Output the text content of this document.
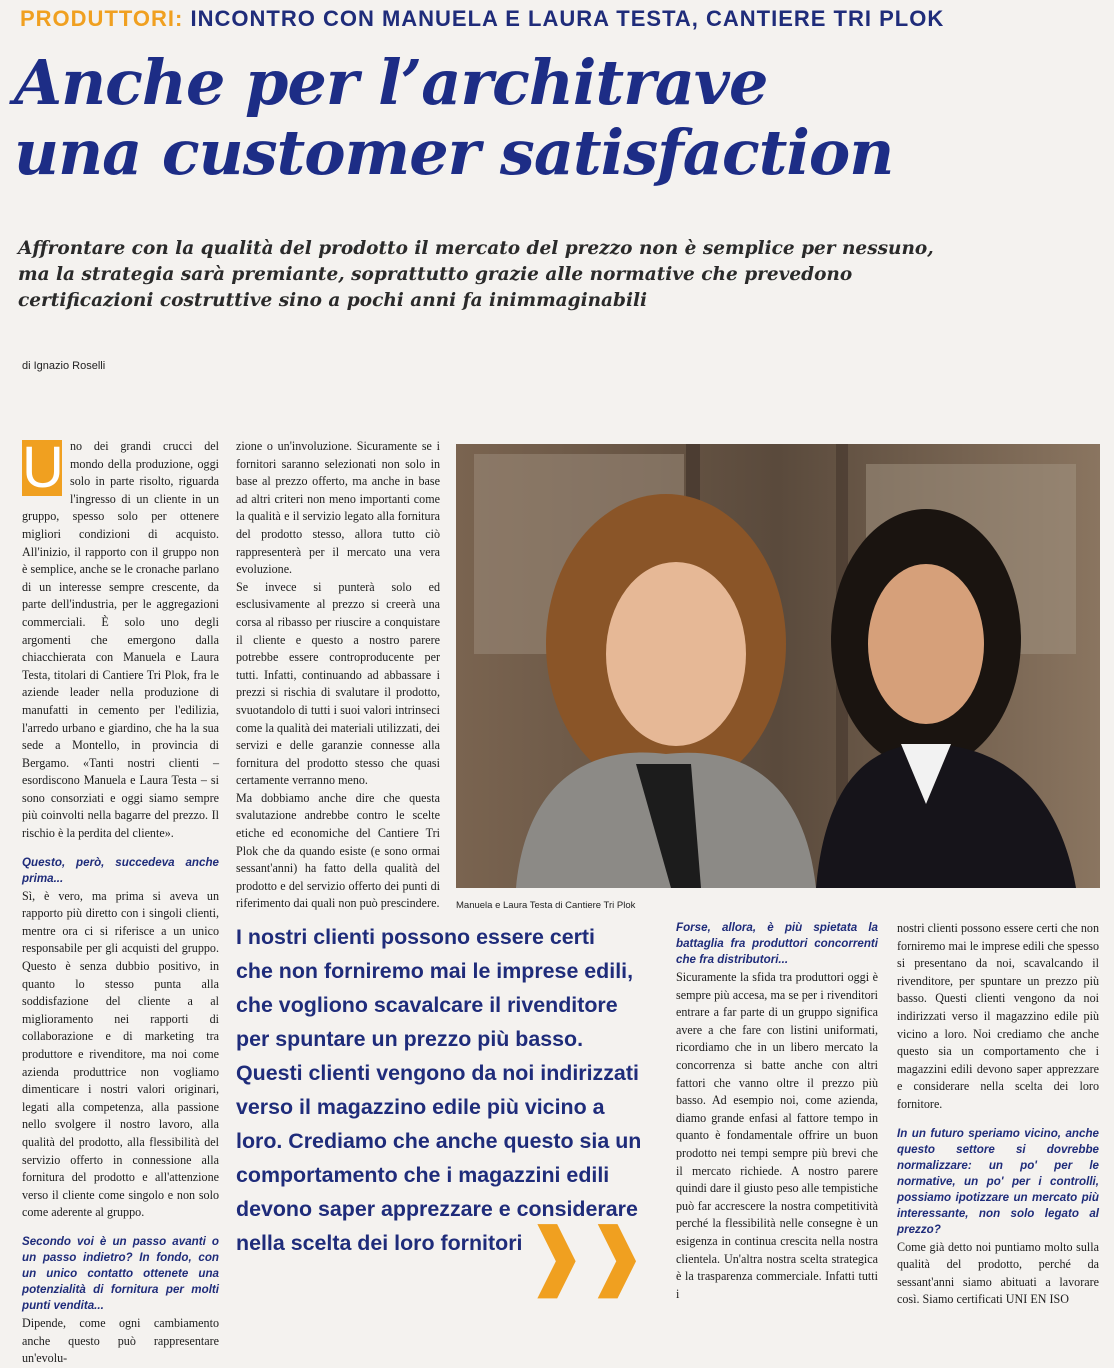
PRODUTTORI: INCONTRO CON MANUELA E LAURA TESTA, CANTIERE TRI PLOK
Anche per l’architrave
una customer satisfaction
Affrontare con la qualità del prodotto il mercato del prezzo non è semplice per nessuno,
ma la strategia sarà premiante, soprattutto grazie alle normative che prevedono
certificazioni costruttive sino a pochi anni fa inimmaginabili
di Ignazio Roselli

U no dei grandi crucci del mondo della produzione, oggi solo in parte risolto, riguarda l'ingresso di un cliente in un gruppo, spesso solo per ottenere migliori condizioni di acquisto. All'inizio, il rapporto con il gruppo non è semplice, anche se le cronache parlano di un interesse sempre crescente, da parte dell'industria, per le aggregazioni commerciali. È solo uno degli argomenti che emergono dalla chiacchierata con Manuela e Laura Testa, titolari di Cantiere Tri Plok, fra le aziende leader nella produzione di manufatti in cemento per l'edilizia, l'arredo urbano e giardino, che ha la sua sede a Montello, in provincia di Bergamo. «Tanti nostri clienti – esordiscono Manuela e Laura Testa – si sono consorziati e oggi siamo sempre più coinvolti nella bagarre del prezzo. Il rischio è la perdita del cliente».

Questo, però, succedeva anche prima...

Sì, è vero, ma prima si aveva un rapporto più diretto con i singoli clienti, mentre ora ci si riferisce a un unico responsabile per gli acquisti del gruppo. Questo è senza dubbio positivo, in quanto lo stesso punta alla soddisfazione del cliente a al miglioramento nei rapporti di collaborazione e di marketing tra produttore e rivenditore, ma noi come azienda produttrice non vogliamo dimenticare i nostri valori originari, legati alla competenza, alla passione nello svolgere il nostro lavoro, alla qualità del prodotto, alla flessibilità del servizio offerto in connessione alla fornitura del prodotto e all'attenzione verso il cliente come singolo e non solo come aderente al gruppo.

Secondo voi è un passo avanti o un passo indietro? In fondo, con un unico contatto ottenete una potenzialità di fornitura per molti punti vendita...

Dipende, come ogni cambiamento anche questo può rappresentare un'evolu-

zione o un'involuzione. Sicuramente se i fornitori saranno selezionati non solo in base al prezzo offerto, ma anche in base ad altri criteri non meno importanti come la qualità e il servizio legato alla fornitura del prodotto stesso, allora tutto ciò rappresenterà per il mercato una vera evoluzione.

Se invece si punterà solo ed esclusivamente al prezzo si creerà una corsa al ribasso per riuscire a conquistare il cliente e questo a nostro parere potrebbe essere controproducente per tutti. Infatti, continuando ad abbassare i prezzi si rischia di svalutare il prodotto, svuotandolo di tutti i suoi valori intrinseci come la qualità dei materiali utilizzati, dei servizi e delle garanzie connesse alla fornitura del prodotto stesso che quasi certamente verranno meno.

Ma dobbiamo anche dire che questa svalutazione andrebbe contro le scelte etiche ed economiche del Cantiere Tri Plok che da quando esiste (e sono ormai sessant'anni) ha fatto della qualità del prodotto e del servizio offerto dei punti di riferimento dai quali non può prescindere. Manuela e Laura Testa di Cantiere Tri Plok
I nostri clienti possono essere certi
che non forniremo mai le imprese edili,
che vogliono scavalcare il rivenditore
per spuntare un prezzo più basso.
Questi clienti vengono da noi indirizzati
verso il magazzino edile più vicino a
loro. Crediamo che anche questo sia un
comportamento che i magazzini edili
devono saper apprezzare e considerare
nella scelta dei loro fornitori ❱❱

Forse, allora, è più spietata la battaglia fra produttori concorrenti che fra distributori...

Sicuramente la sfida tra produttori oggi è sempre più accesa, ma se per i rivenditori entrare a far parte di un gruppo significa avere a che fare con listini uniformati, ricordiamo che in un libero mercato la concorrenza si batte anche con altri fattori che vanno oltre il prezzo più basso. Ad esempio noi, come azienda, diamo grande enfasi al fattore tempo in quanto è fondamentale offrire un buon prodotto nei tempi sempre più brevi che il mercato richiede. A nostro parere quindi dare il giusto peso alle tempistiche può far accrescere la nostra competitività perché la flessibilità nelle consegne è un esigenza in continua crescita nella nostra clientela. Un'altra nostra scelta strategica è la trasparenza commerciale. Infatti tutti i

nostri clienti possono essere certi che non forniremo mai le imprese edili che spesso si presentano da noi, scavalcando il rivenditore, per spuntare un prezzo più basso. Questi clienti vengono da noi indirizzati verso il magazzino edile più vicino a loro. Noi crediamo che anche questo sia un comportamento che i magazzini edili devono saper apprezzare e considerare nella scelta dei loro fornitore.

In un futuro speriamo vicino, anche questo settore si dovrebbe normalizzare: un po' per le normative, un po' per i controlli, possiamo ipotizzare un mercato più interessante, non solo legato al prezzo?

Come già detto noi puntiamo molto sulla qualità del prodotto, perché da sessant'anni siamo abituati a lavorare così. Siamo certificati UNI EN ISO
